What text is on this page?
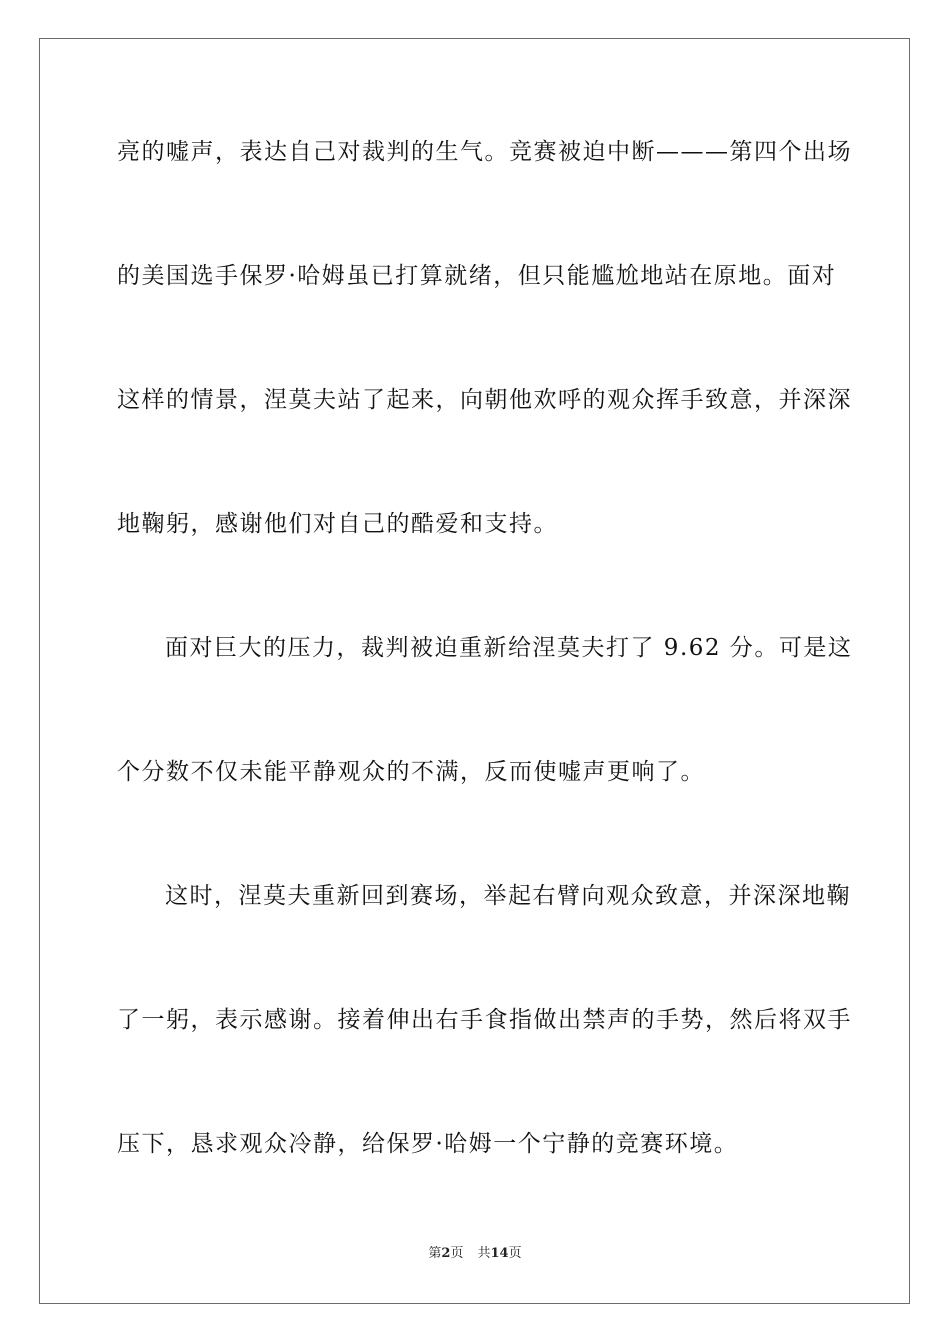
亮的嘘声，表达自己对裁判的生气。竞赛被迫中断———第四个出场
的美国选手保罗·哈姆虽已打算就绪，但只能尴尬地站在原地。面对
这样的情景，涅莫夫站了起来，向朝他欢呼的观众挥手致意，并深深
地鞠躬，感谢他们对自己的酷爱和支持。
面对巨大的压力，裁判被迫重新给涅莫夫打了 9.62 分。可是这
个分数不仅未能平静观众的不满，反而使嘘声更响了。
这时，涅莫夫重新回到赛场，举起右臂向观众致意，并深深地鞠
了一躬，表示感谢。接着伸出右手食指做出禁声的手势，然后将双手
压下，恳求观众冷静，给保罗·哈姆一个宁静的竞赛环境。
第2页 共14页
